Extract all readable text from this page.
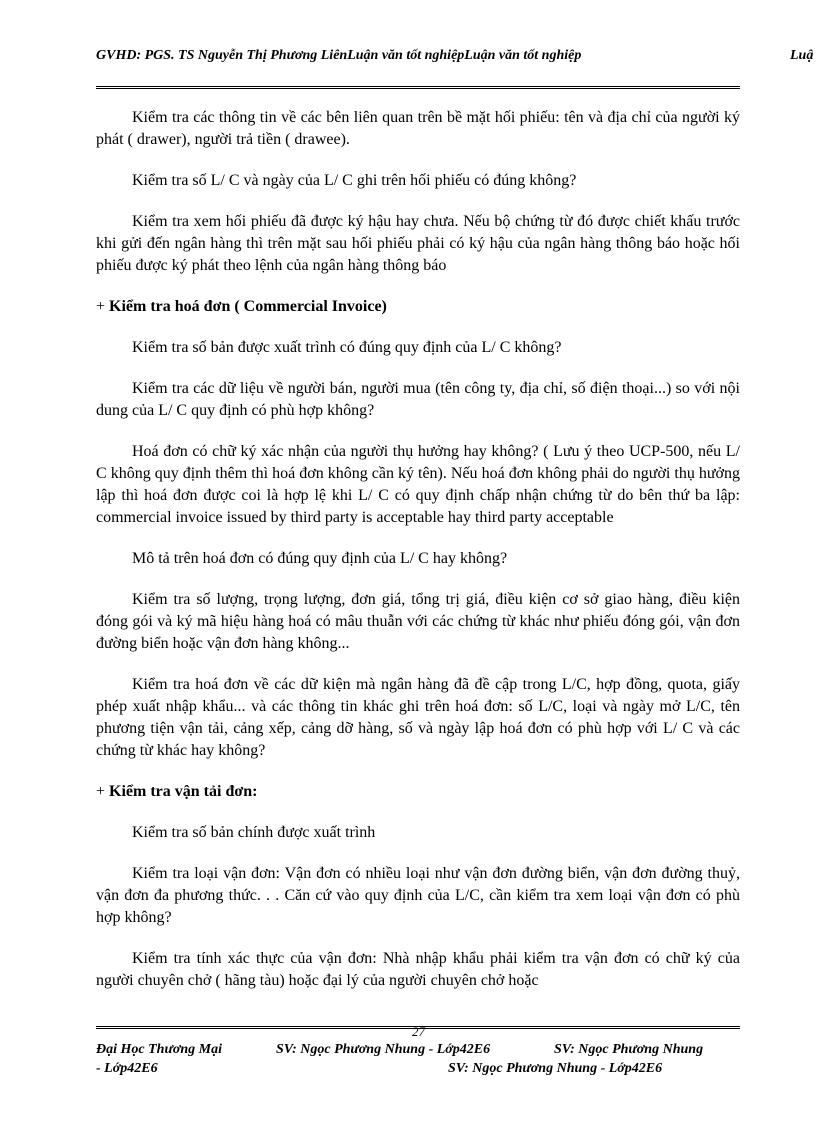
GVHD: PGS. TS Nguyễn Thị Phương LiênLuận văn tốt nghiệpLuận văn tốt nghiệp	Luậ

Kiểm tra các thông tin về các bên liên quan trên bề mặt hối phiếu: tên và địa chỉ của người ký phát ( drawer), người trả tiền ( drawee).

Kiểm tra số L/ C và ngày của L/ C ghi trên hối phiếu có đúng không?

Kiểm tra xem hối phiếu đã được ký hậu hay chưa. Nếu bộ chứng từ đó được chiết khấu trước khi gửi đến ngân hàng thì trên mặt sau hối phiếu phải có ký hậu của ngân hàng thông báo hoặc hối phiếu được ký phát theo lệnh của ngân hàng thông báo

+ Kiểm tra hoá đơn ( Commercial Invoice)

Kiểm tra số bản được xuất trình có đúng quy định của L/ C không?

Kiểm tra các dữ liệu về người bán, người mua (tên công ty, địa chỉ, số điện thoại...) so với nội dung của L/ C quy định có phù hợp không?

Hoá đơn có chữ ký xác nhận của người thụ hưởng hay không? ( Lưu ý theo UCP-500, nếu L/ C không quy định thêm thì hoá đơn không cần ký tên). Nếu hoá đơn không phải do người thụ hưởng lập thì hoá đơn được coi là hợp lệ khi L/ C có quy định chấp nhận chứng từ do bên thứ ba lập: commercial invoice issued by third party is acceptable hay third party acceptable

Mô tả trên hoá đơn có đúng quy định của L/ C hay không?

Kiểm tra số lượng, trọng lượng, đơn giá, tổng trị giá, điều kiện cơ sở giao hàng, điều kiện đóng gói và ký mã hiệu hàng hoá có mâu thuẫn với các chứng từ khác như phiếu đóng gói, vận đơn đường biển hoặc vận đơn hàng không...

Kiểm tra hoá đơn về các dữ kiện mà ngân hàng đã đề cập trong L/C, hợp đồng, quota, giấy phép xuất nhập khẩu... và các thông tin khác ghi trên hoá đơn: số L/C, loại và ngày mở L/C, tên phương tiện vận tải, cảng xếp, cảng dỡ hàng, số và ngày lập hoá đơn có phù hợp với L/ C và các chứng từ khác hay không?

+ Kiểm tra vận tải đơn:

Kiểm tra số bản chính được xuất trình

Kiểm tra loại vận đơn: Vận đơn có nhiều loại như vận đơn đường biển, vận đơn đường thuỷ, vận đơn đa phương thức. . . Căn cứ vào quy định của L/C, cần kiểm tra xem loại vận đơn có phù hợp không?

Kiểm tra tính xác thực của vận đơn: Nhà nhập khẩu phải kiểm tra vận đơn có chữ ký của người chuyên chở ( hãng tàu) hoặc đại lý của người chuyên chở hoặc

27
Đại Học Thương Mại	SV: Ngọc Phương Nhung - Lớp42E6	SV: Ngọc Phương Nhung
- Lớp42E6	SV: Ngọc Phương Nhung - Lớp42E6
